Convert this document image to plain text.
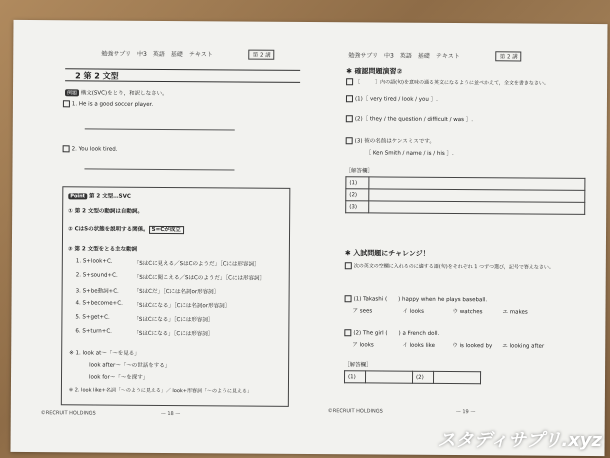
勉強サプリ　中3　英語　基礎　テキスト	第 2 講
2 第 2 文型
例題 構文(SVC)をとり，和訳しなさい。
1. He is a good soccer player.
2. You look tired.
Point 第 2 文型…SVC
① 第 2 文型の動詞は自動詞。
② CはSの状態を説明する関係。 S=Cが成立
③ 第 2 文型をとる主な動詞
1. S+look+C.	「SはCに見える／SはCのようだ」［Cには形容詞］
2. S+sound+C.	「SはCに聞こえる／SはCのようだ」［Cには形容詞］
3. S+be動詞+C.	「SはCだ」［Cには名詞or形容詞］
4. S+become+C. 「SはCになる」［Cには名詞or形容詞］
5. S+get+C.	「SはCになる」［Cには形容詞］
6. S+turn+C.	「SはCになる」［Cには形容詞］
※ 1. look at～「～を見る」
look after～「～の世話をする」
look for～「～を探す」
※ 2. look like+名詞「～のように見える」／ look+形容詞「～のように見える」
©RECRUIT HOLDINGS	— 18 —
勉強サプリ　中3　英語　基礎　テキスト	第 2 講
✱ 確認問題演習②
［　　　］内の語(句)を意味の通る英文になるように並べかえて，全文を書きなさい。
(1)［ very tired / look / you ］.
(2)［ they / the question / difficult / was ］.
(3) 彼の名前はケンスミスです。
［ Ken Smith / name / is / his ］.
［解答欄］
(1)	
(2)	
(3)	
✱ 入試問題にチャレンジ！
次の英文の空欄に入れるのに適する語(句)をそれぞれ 1 つずつ選び，記号で答えなさい。
(1) Takashi (　　) happy when he plays baseball.
ア sees	イ looks	ウ watches	エ makes
(2) The girl (　　) a French doll.
ア looks	イ looks like	ウ is looked by エ looking after
［解答欄］
(1)		(2)	
©RECRUIT HOLDINGS	— 19 —
スタディサプリ.xyz
